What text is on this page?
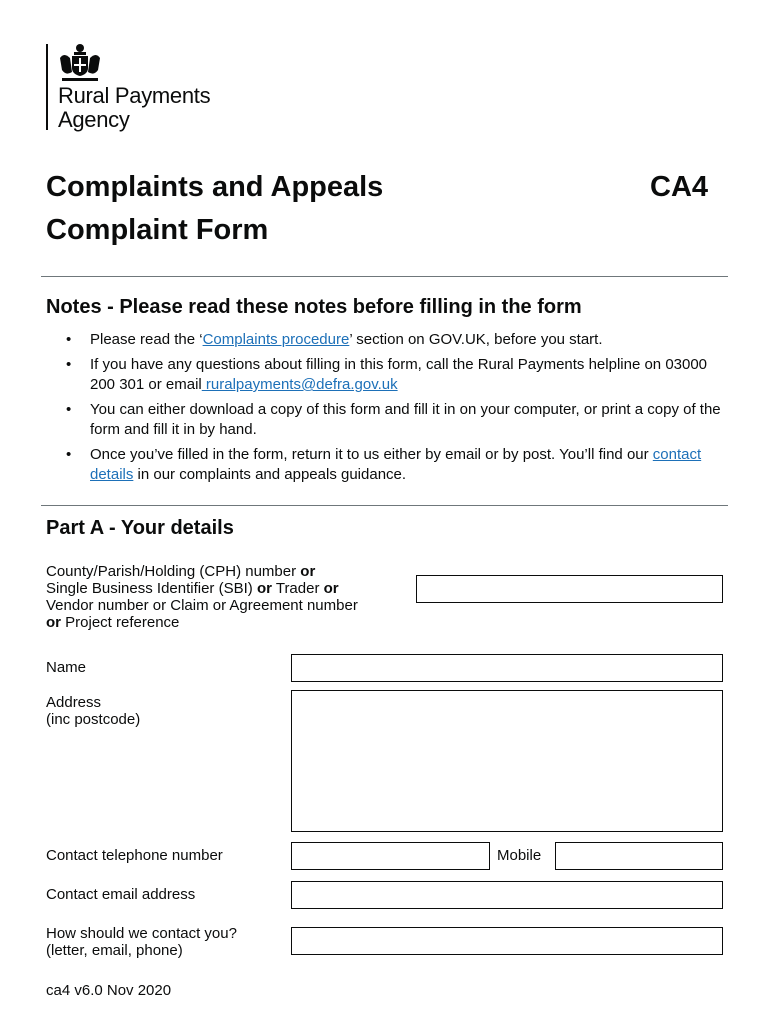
Rural Payments
Agency
Complaints and Appeals
Complaint Form
CA4
Notes - Please read these notes before filling in the form
• Please read the ‘Complaints procedure’ section on GOV.UK, before you start.
• If you have any questions about filling in this form, call the Rural Payments helpline on 03000 200 301 or email ruralpayments@defra.gov.uk
• You can either download a copy of this form and fill it in on your computer, or print a copy of the form and fill it in by hand.
• Once you’ve filled in the form, return it to us either by email or by post. You’ll find our contact details in our complaints and appeals guidance.
Part A - Your details
County/Parish/Holding (CPH) number or
Single Business Identifier (SBI) or Trader or
Vendor number or Claim or Agreement number
or Project reference
Name
Address
(inc postcode)
Contact telephone number	Mobile
Contact email address
How should we contact you?
(letter, email, phone)
ca4 v6.0 Nov 2020
